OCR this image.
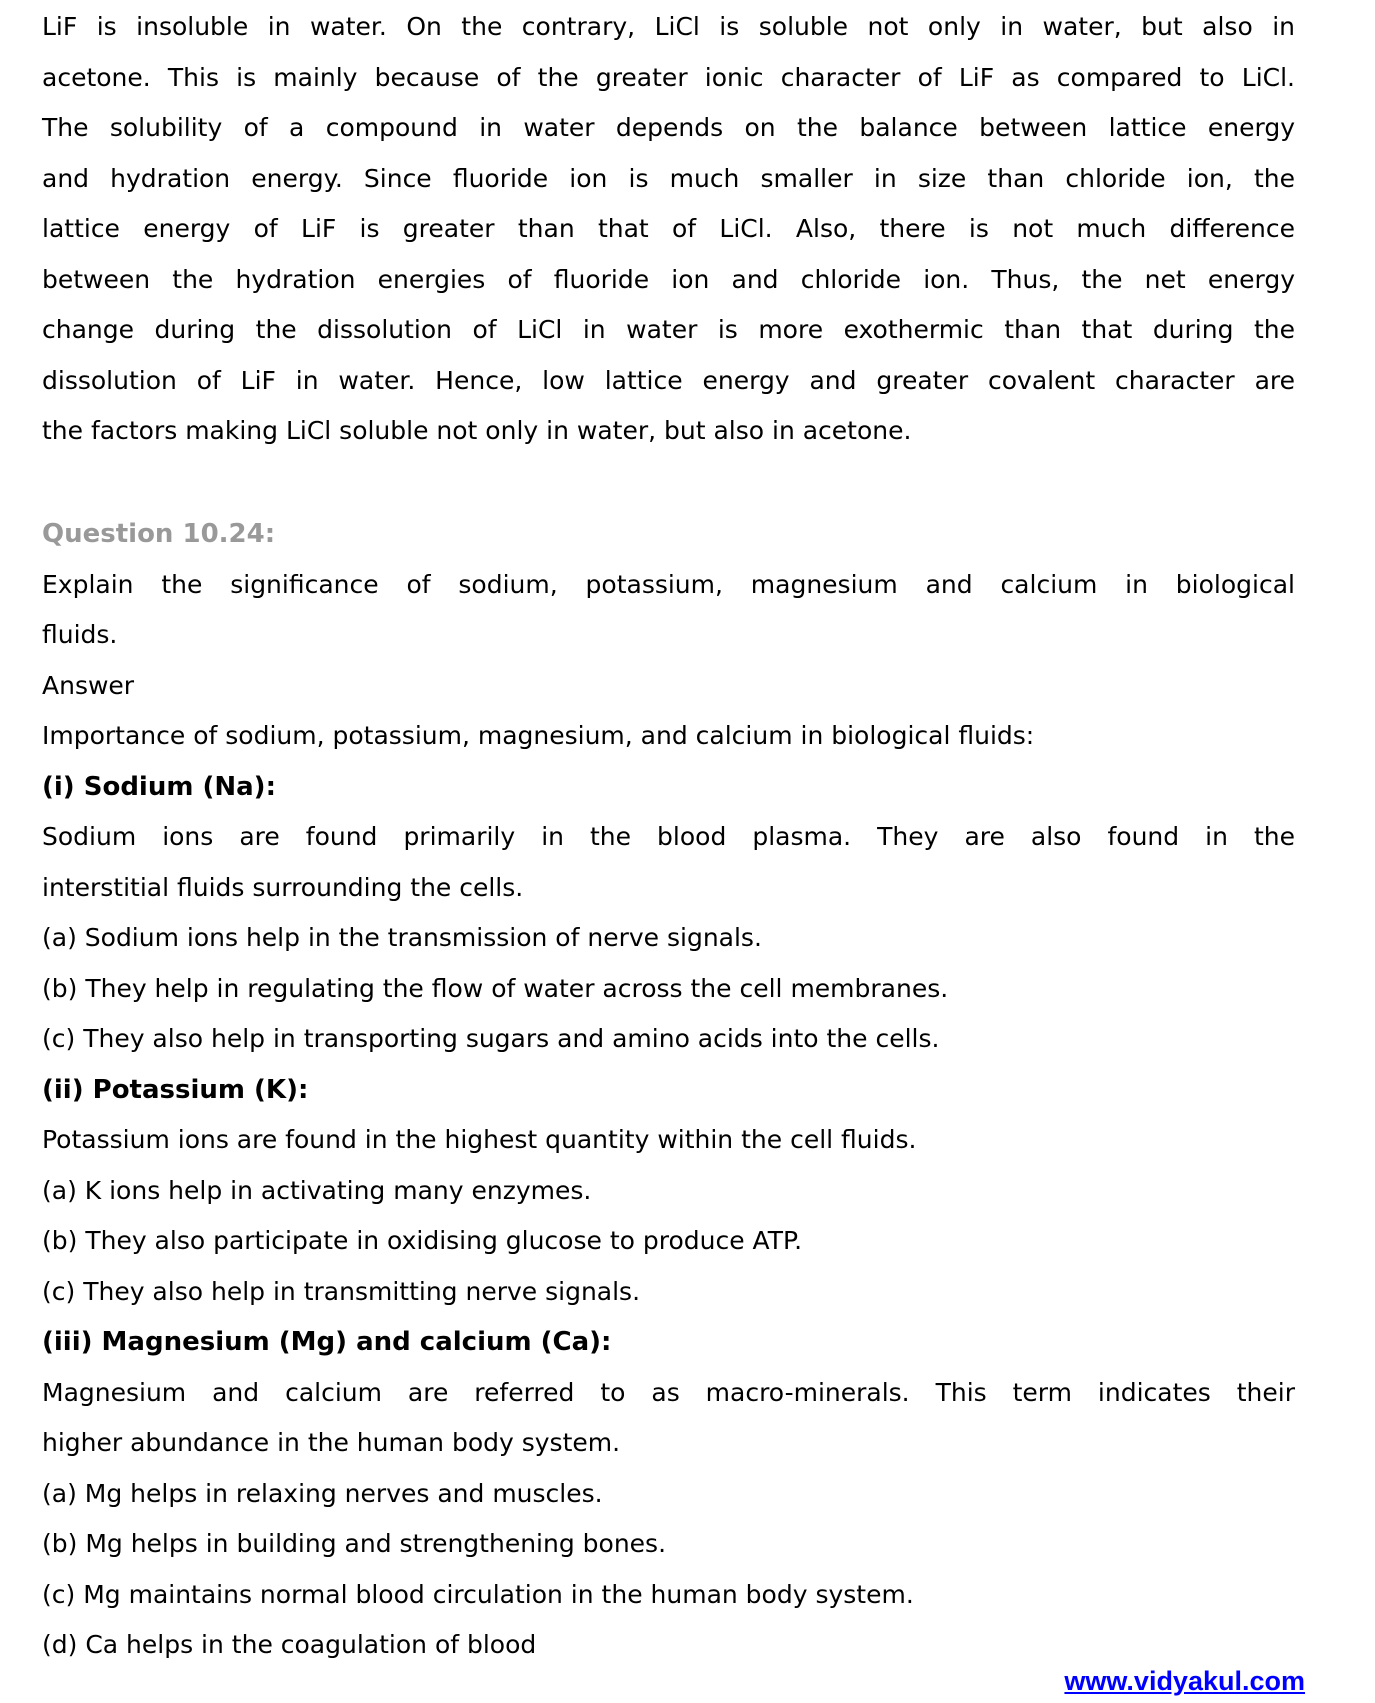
LiF is insoluble in water. On the contrary, LiCl is soluble not only in water, but also in
acetone. This is mainly because of the greater ionic character of LiF as compared to LiCl.
The solubility of a compound in water depends on the balance between lattice energy
and hydration energy. Since fluoride ion is much smaller in size than chloride ion, the
lattice energy of LiF is greater than that of LiCl. Also, there is not much difference
between the hydration energies of fluoride ion and chloride ion. Thus, the net energy
change during the dissolution of LiCl in water is more exothermic than that during the
dissolution of LiF in water. Hence, low lattice energy and greater covalent character are
the factors making LiCl soluble not only in water, but also in acetone.
Question 10.24:
Explain the significance of sodium, potassium, magnesium and calcium in biological
fluids.
Answer
Importance of sodium, potassium, magnesium, and calcium in biological fluids:
(i) Sodium (Na):
Sodium ions are found primarily in the blood plasma. They are also found in the
interstitial fluids surrounding the cells.
(a) Sodium ions help in the transmission of nerve signals.
(b) They help in regulating the flow of water across the cell membranes.
(c) They also help in transporting sugars and amino acids into the cells.
(ii) Potassium (K):
Potassium ions are found in the highest quantity within the cell fluids.
(a) K ions help in activating many enzymes.
(b) They also participate in oxidising glucose to produce ATP.
(c) They also help in transmitting nerve signals.
(iii) Magnesium (Mg) and calcium (Ca):
Magnesium and calcium are referred to as macro-minerals. This term indicates their
higher abundance in the human body system.
(a) Mg helps in relaxing nerves and muscles.
(b) Mg helps in building and strengthening bones.
(c) Mg maintains normal blood circulation in the human body system.
(d) Ca helps in the coagulation of blood
www.vidyakul.com
